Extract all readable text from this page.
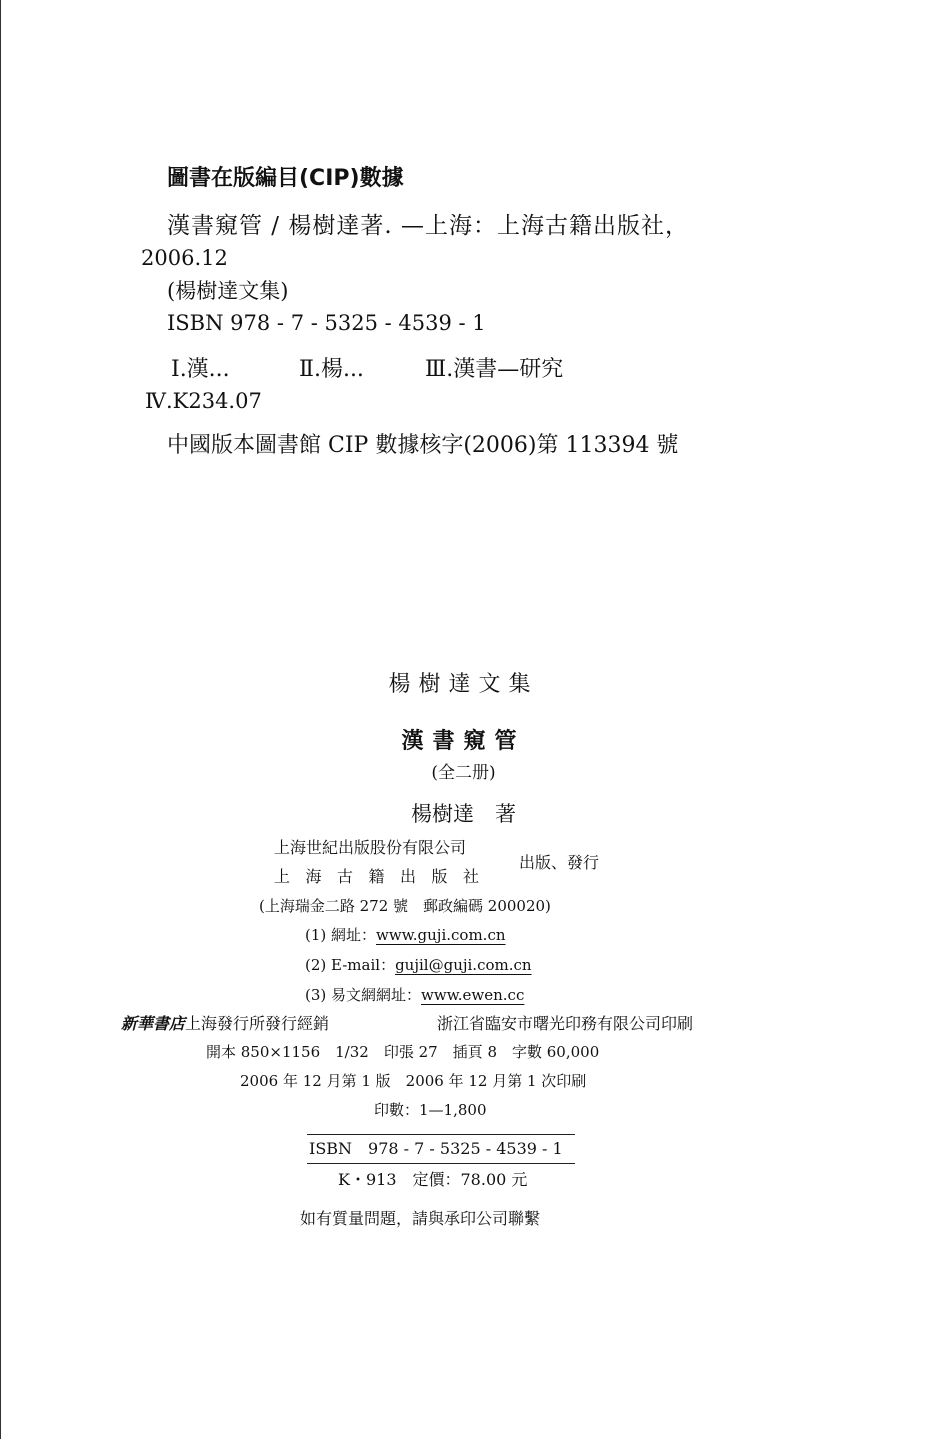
圖書在版編目(CIP)數據
漢書窺管 / 楊樹達著. —上海：上海古籍出版社，
2006.12
(楊樹達文集)
ISBN 978 - 7 - 5325 - 4539 - 1
Ⅰ.漢...	Ⅱ.楊...	Ⅲ.漢書—研究
Ⅳ.K234.07
中國版本圖書館 CIP 數據核字(2006)第 113394 號
楊樹達文集
漢書窺管
(全二册)
楊樹達　著
上海世紀出版股份有限公司
上海古籍出版社
出版、發行
(上海瑞金二路 272 號　郵政編碼 200020)
(1) 網址：www.guji.com.cn
(2) E-mail：gujil@guji.com.cn
(3) 易文網網址：www.ewen.cc
新華書店上海發行所發行經銷	浙江省臨安市曙光印務有限公司印刷
開本 850×1156　1/32　印張 27　插頁 8　字數 60,000
2006 年 12 月第 1 版　2006 年 12 月第 1 次印刷
印數：1—1,800
ISBN　978 - 7 - 5325 - 4539 - 1
K・913　定價：78.00 元
如有質量問題，請與承印公司聯繫
